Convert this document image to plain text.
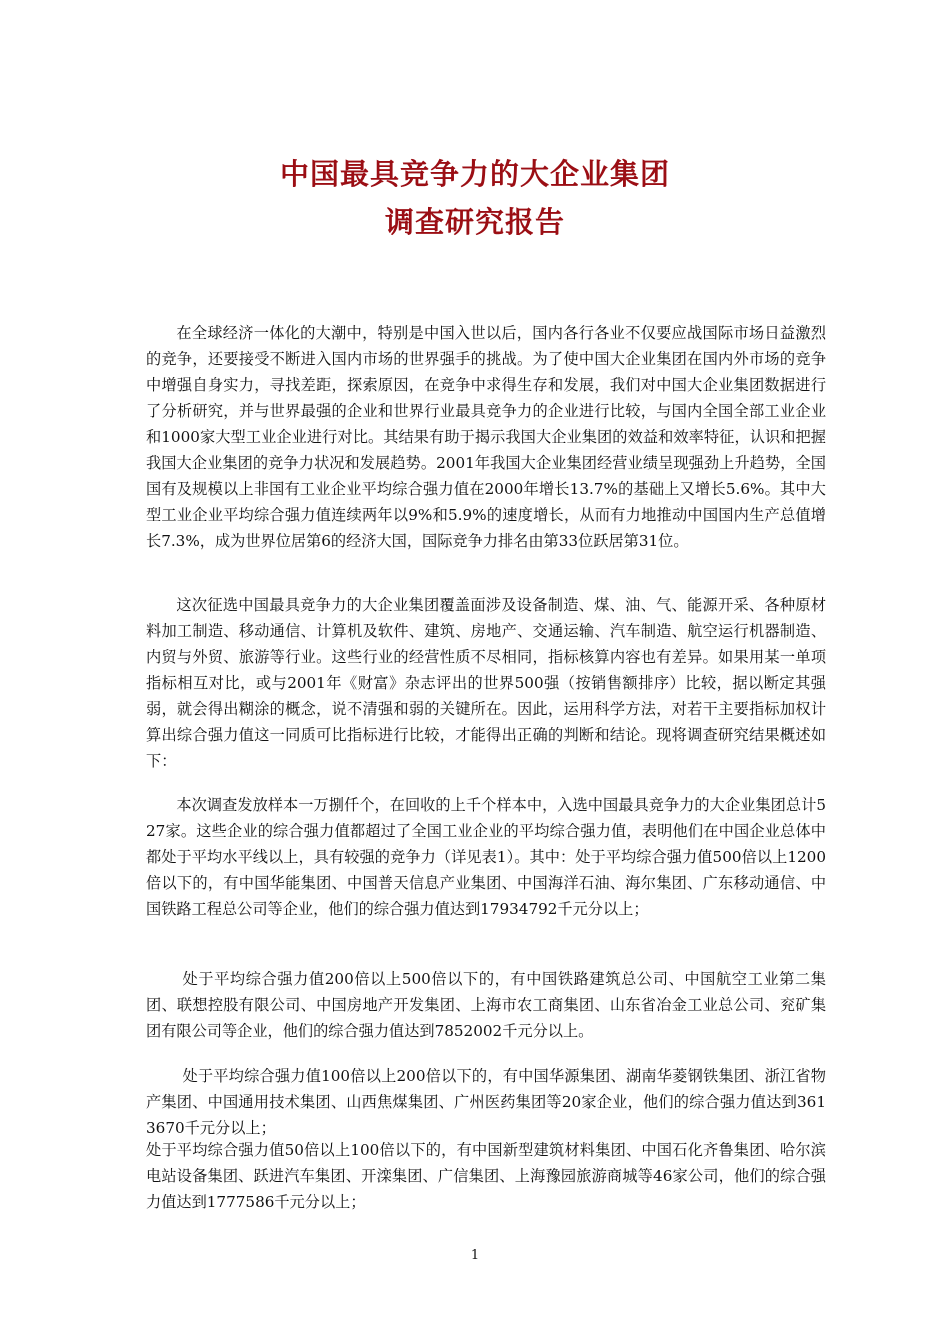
中国最具竞争力的大企业集团
调查研究报告

在全球经济一体化的大潮中，特别是中国入世以后，国内各行各业不仅要应战国际市场日益激烈的竞争，还要接受不断进入国内市场的世界强手的挑战。为了使中国大企业集团在国内外市场的竞争中增强自身实力，寻找差距，探索原因，在竞争中求得生存和发展，我们对中国大企业集团数据进行了分析研究，并与世界最强的企业和世界行业最具竞争力的企业进行比较，与国内全国全部工业企业和1000家大型工业企业进行对比。其结果有助于揭示我国大企业集团的效益和效率特征，认识和把握我国大企业集团的竞争力状况和发展趋势。2001年我国大企业集团经营业绩呈现强劲上升趋势，全国国有及规模以上非国有工业企业平均综合强力值在2000年增长13.7%的基础上又增长5.6%。其中大型工业企业平均综合强力值连续两年以9%和5.9%的速度增长，从而有力地推动中国国内生产总值增长7.3%，成为世界位居第6的经济大国，国际竞争力排名由第33位跃居第31位。

这次征选中国最具竞争力的大企业集团覆盖面涉及设备制造、煤、油、气、能源开采、各种原材料加工制造、移动通信、计算机及软件、建筑、房地产、交通运输、汽车制造、航空运行机器制造、内贸与外贸、旅游等行业。这些行业的经营性质不尽相同，指标核算内容也有差异。如果用某一单项指标相互对比，或与2001年《财富》杂志评出的世界500强（按销售额排序）比较，据以断定其强弱，就会得出糊涂的概念，说不清强和弱的关键所在。因此，运用科学方法，对若干主要指标加权计算出综合强力值这一同质可比指标进行比较，才能得出正确的判断和结论。现将调查研究结果概述如下：

本次调查发放样本一万捌仟个，在回收的上千个样本中，入选中国最具竞争力的大企业集团总计527家。这些企业的综合强力值都超过了全国工业企业的平均综合强力值，表明他们在中国企业总体中都处于平均水平线以上，具有较强的竞争力（详见表1）。其中：处于平均综合强力值500倍以上1200倍以下的，有中国华能集团、中国普天信息产业集团、中国海洋石油、海尔集团、广东移动通信、中国铁路工程总公司等企业，他们的综合强力值达到17934792千元分以上；

处于平均综合强力值200倍以上500倍以下的，有中国铁路建筑总公司、中国航空工业第二集团、联想控股有限公司、中国房地产开发集团、上海市农工商集团、山东省冶金工业总公司、兖矿集团有限公司等企业，他们的综合强力值达到7852002千元分以上。

处于平均综合强力值100倍以上200倍以下的，有中国华源集团、湖南华菱钢铁集团、浙江省物产集团、中国通用技术集团、山西焦煤集团、广州医药集团等20家企业，他们的综合强力值达到3613670千元分以上；

处于平均综合强力值50倍以上100倍以下的，有中国新型建筑材料集团、中国石化齐鲁集团、哈尔滨电站设备集团、跃进汽车集团、开滦集团、广信集团、上海豫园旅游商城等46家公司，他们的综合强力值达到1777586千元分以上；

1
